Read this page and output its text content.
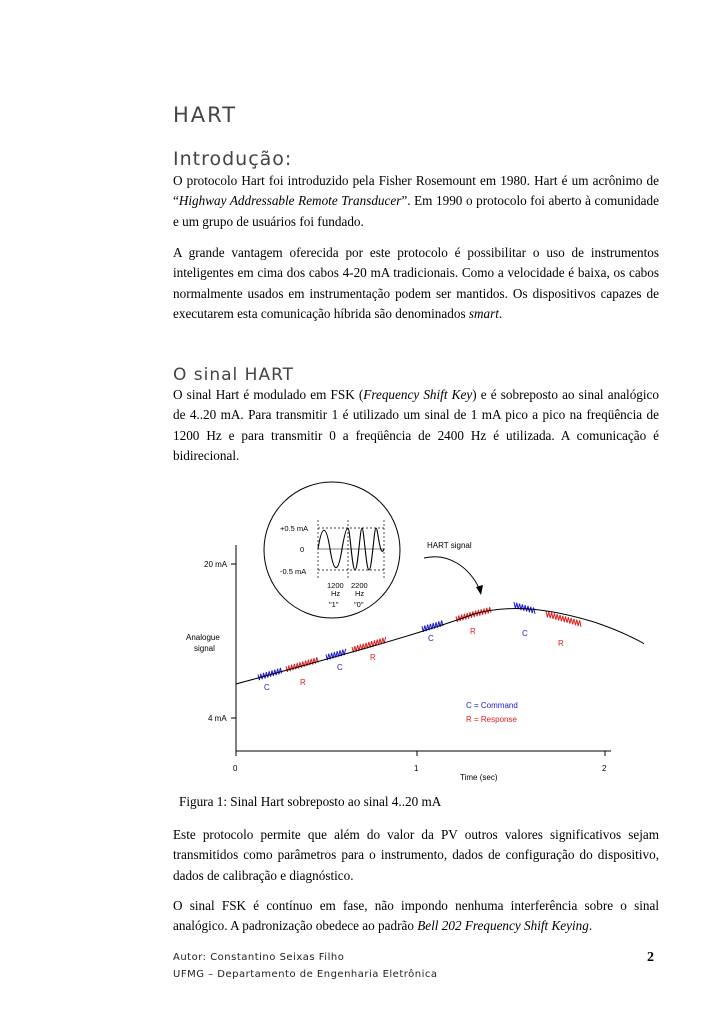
HART
Introdução:

O protocolo Hart foi introduzido pela Fisher Rosemount em 1980. Hart é um acrônimo de “Highway Addressable Remote Transducer”. Em 1990 o protocolo foi aberto à comunidade e um grupo de usuários foi fundado.

A grande vantagem oferecida por este protocolo é possibilitar o uso de instrumentos inteligentes em cima dos cabos 4-20 mA tradicionais. Como a velocidade é baixa, os cabos normalmente usados em instrumentação podem ser mantidos. Os dispositivos capazes de executarem esta comunicação híbrida são denominados smart.

O sinal HART

O sinal Hart é modulado em FSK (Frequency Shift Key) e é sobreposto ao sinal analógico de 4..20 mA. Para transmitir 1 é utilizado um sinal de 1 mA pico a pico na freqüência de 1200 Hz e para transmitir 0 a freqüência de 2400 Hz é utilizada. A comunicação é bidirecional.

20 mA
4 mA
Analogue
signal
0	1	2
Time (sec)
+0.5 mA
0
-0.5 mA
1200
Hz
"1"
2200
Hz
"0"
HART signal
C = Command
R = Response
C
R
C
R
C
R	C
R

Figura 1: Sinal Hart sobreposto ao sinal 4..20 mA

Este protocolo permite que além do valor da PV outros valores significativos sejam transmitidos como parâmetros para o instrumento, dados de configuração do dispositivo, dados de calibração e diagnóstico.

O sinal FSK é contínuo em fase, não impondo nenhuma interferência sobre o sinal analógico. A padronização obedece ao padrão Bell 202 Frequency Shift Keying.

Autor: Constantino Seixas Filho

UFMG – Departamento de Engenharia Eletrônica

2
